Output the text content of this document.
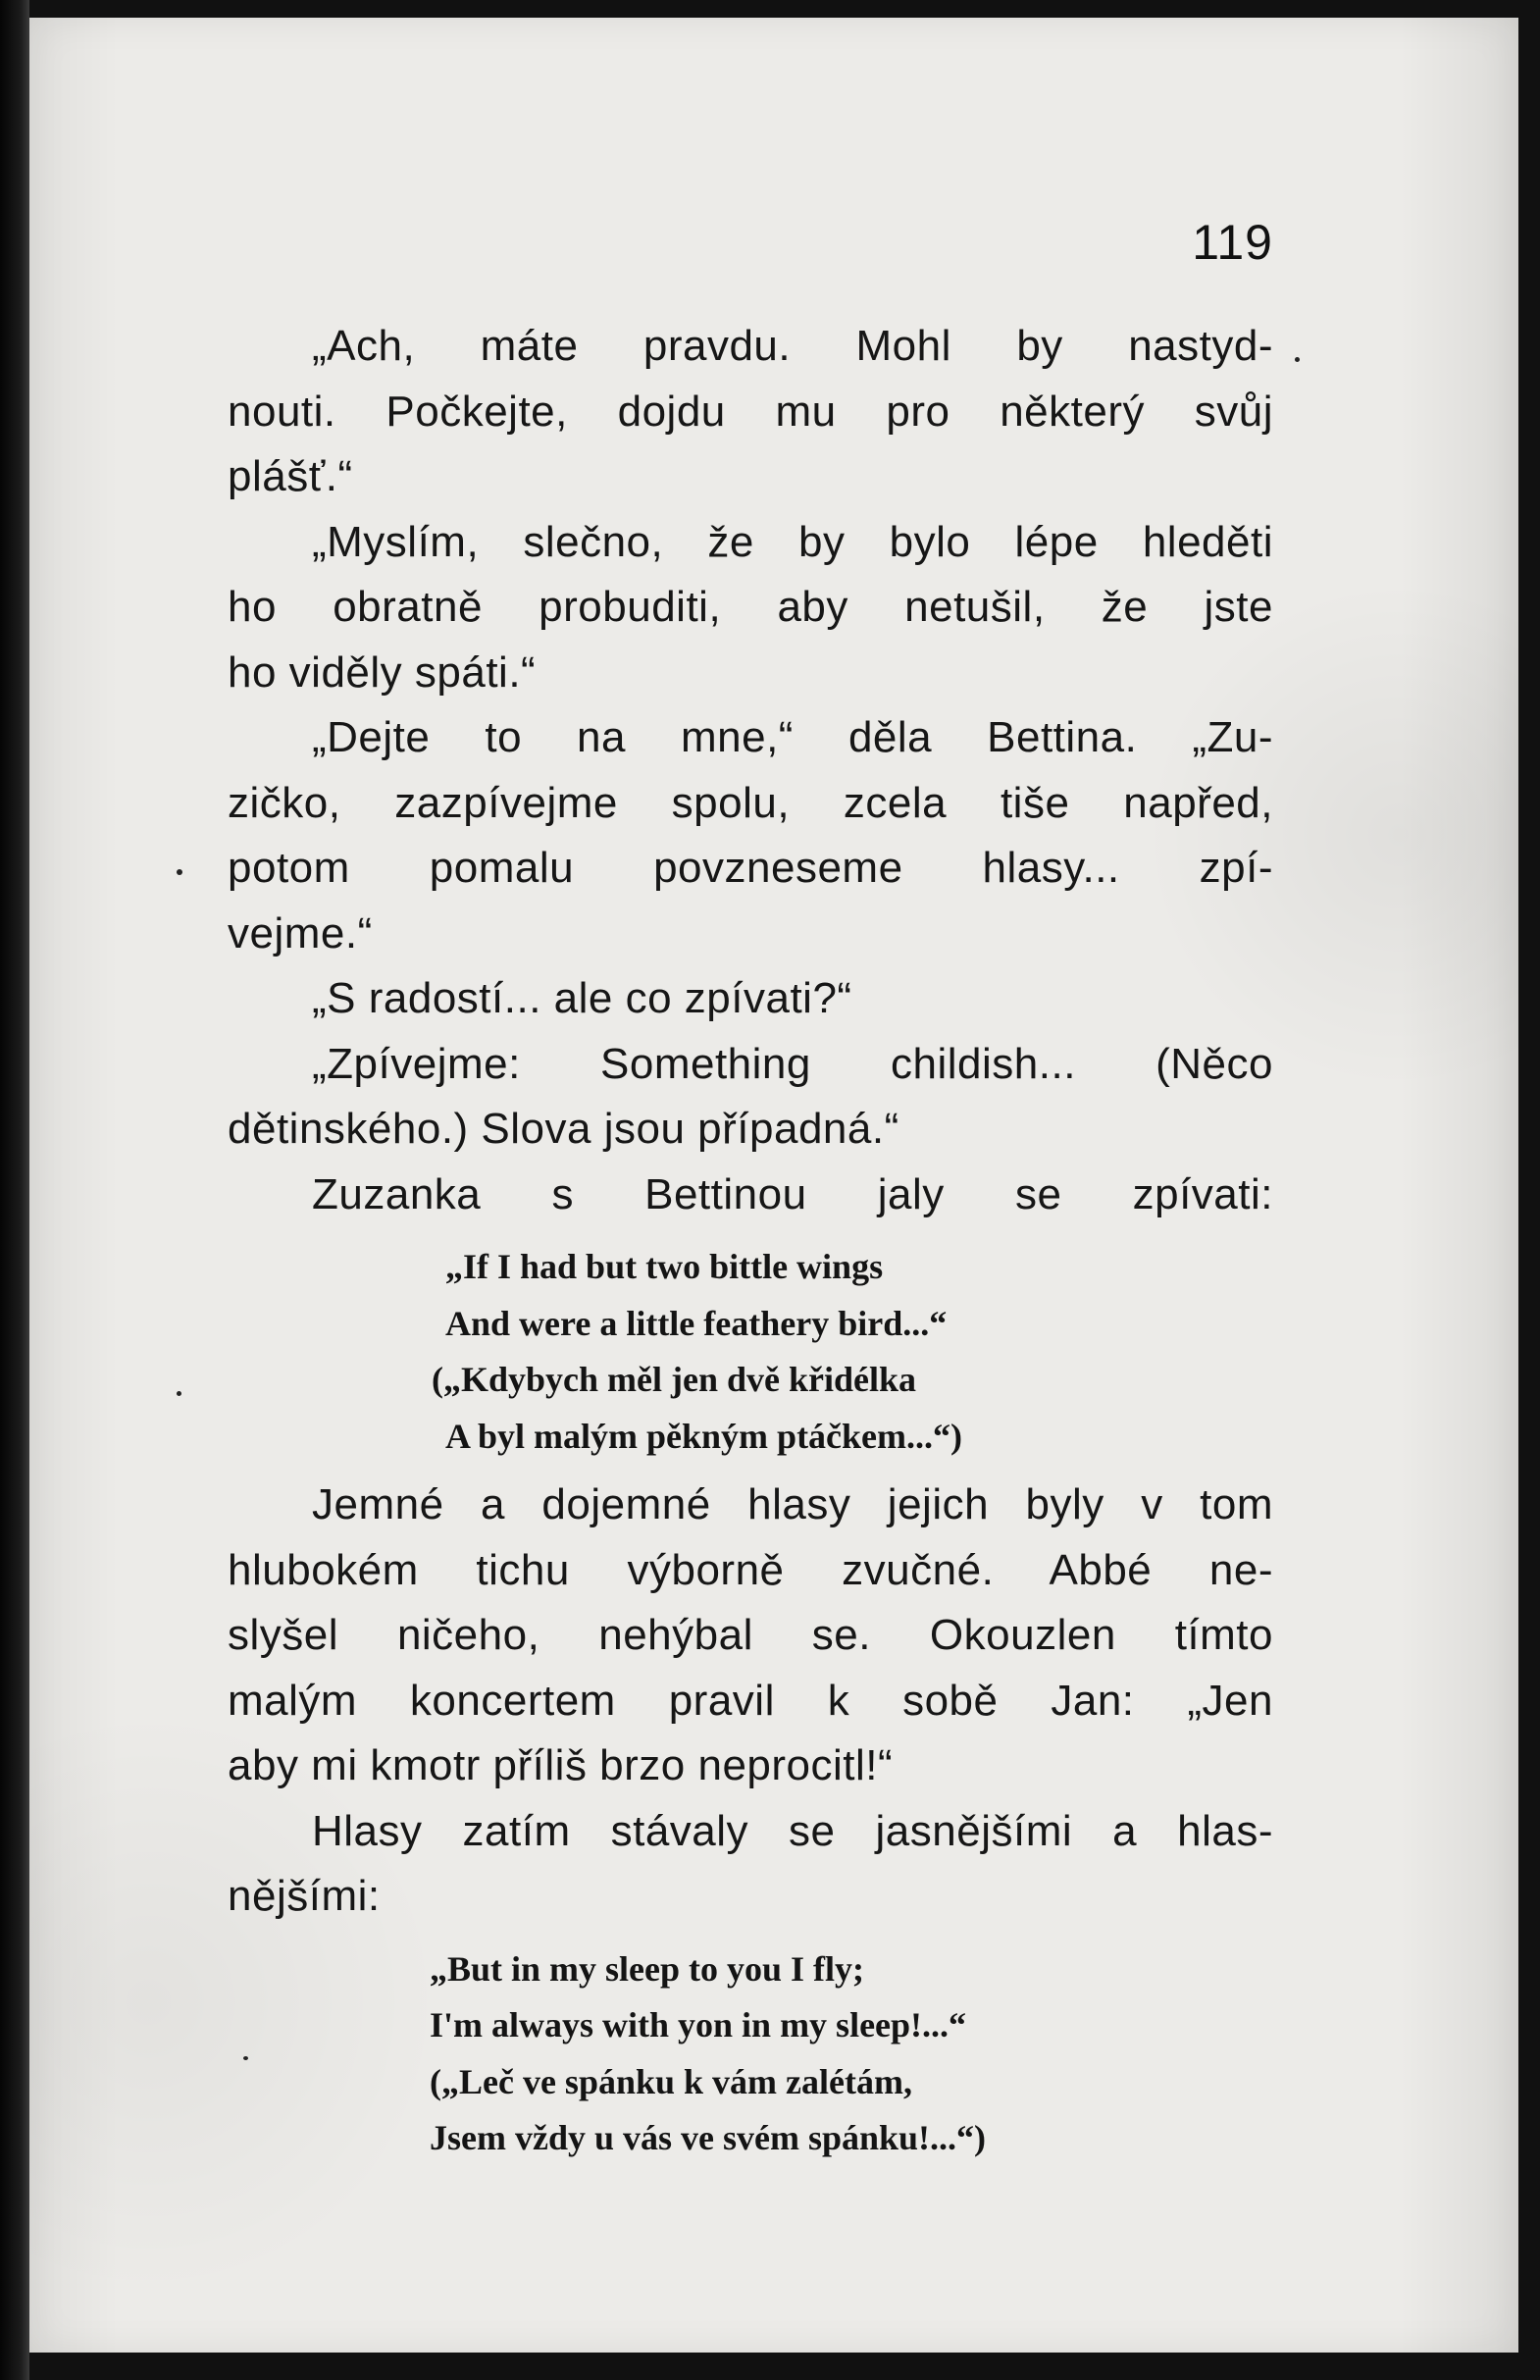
119
„Ach, máte pravdu. Mohl by nastyd-
nouti. Počkejte, dojdu mu pro některý svůj
plášť.“
„Myslím, slečno, že by bylo lépe hleděti
ho obratně probuditi, aby netušil, že jste
ho viděly spáti.“
„Dejte to na mne,“ děla Bettina. „Zu-
zičko, zazpívejme spolu, zcela tiše napřed,
potom pomalu povzneseme hlasy... zpí-
vejme.“
„S radostí... ale co zpívati?“
„Zpívejme: Something childish... (Něco
dětinského.) Slova jsou případná.“
Zuzanka s Bettinou jaly se zpívati:
„If I had but two bittle wings
And were a little feathery bird...“
(„Kdybych měl jen dvě křidélka
A byl malým pěkným ptáčkem...“)
Jemné a dojemné hlasy jejich byly v tom
hlubokém tichu výborně zvučné. Abbé ne-
slyšel ničeho, nehýbal se. Okouzlen tímto
malým koncertem pravil k sobě Jan: „Jen
aby mi kmotr příliš brzo neprocitl!“
Hlasy zatím stávaly se jasnějšími a hlas-
nějšími:
„But in my sleep to you I fly;
I'm always with yon in my sleep!...“
(„Leč ve spánku k vám zalétám,
Jsem vždy u vás ve svém spánku!...“)
